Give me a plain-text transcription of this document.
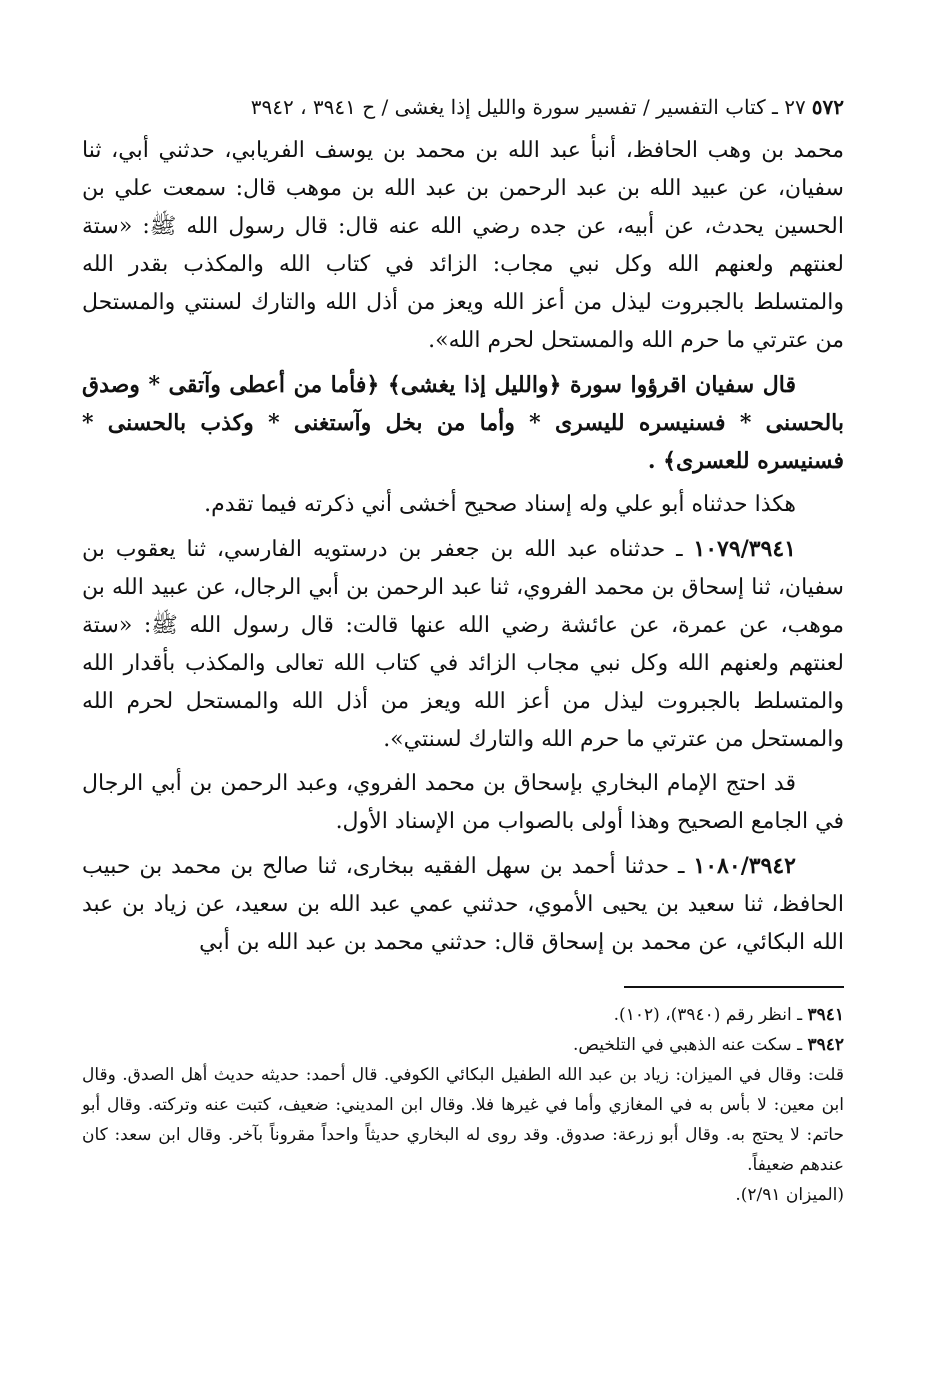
٥٧٢
٢٧ ـ كتاب التفسير / تفسير سورة والليل إذا يغشى / ح ٣٩٤١ ، ٣٩٤٢

محمد بن وهب الحافظ، أنبأ عبد الله بن محمد بن يوسف الفريابي، حدثني أبي، ثنا سفيان، عن عبيد الله بن عبد الرحمن بن عبد الله بن موهب قال: سمعت علي بن الحسين يحدث، عن أبيه، عن جده رضي الله عنه قال: قال رسول الله ﷺ: «ستة لعنتهم ولعنهم الله وكل نبي مجاب: الزائد في كتاب الله والمكذب بقدر الله والمتسلط بالجبروت ليذل من أعز الله ويعز من أذل الله والتارك لسنتي والمستحل من عترتي ما حرم الله والمستحل لحرم الله».

قال سفيان اقرؤوا سورة ﴿والليل إذا يغشى﴾ ﴿فأما من أعطى وآتقى * وصدق بالحسنى * فسنيسره لليسرى * وأما من بخل وآستغنى * وكذب بالحسنى * فسنيسره للعسرى﴾ .

هكذا حدثناه أبو علي وله إسناد صحيح أخشى أني ذكرته فيما تقدم.

١٠٧٩/٣٩٤١ ـ حدثناه عبد الله بن جعفر بن درستويه الفارسي، ثنا يعقوب بن سفيان، ثنا إسحاق بن محمد الفروي، ثنا عبد الرحمن بن أبي الرجال، عن عبيد الله بن موهب، عن عمرة، عن عائشة رضي الله عنها قالت: قال رسول الله ﷺ: «ستة لعنتهم ولعنهم الله وكل نبي مجاب الزائد في كتاب الله تعالى والمكذب بأقدار الله والمتسلط بالجبروت ليذل من أعز الله ويعز من أذل الله والمستحل لحرم الله والمستحل من عترتي ما حرم الله والتارك لسنتي».

قد احتج الإمام البخاري بإسحاق بن محمد الفروي، وعبد الرحمن بن أبي الرجال في الجامع الصحيح وهذا أولى بالصواب من الإسناد الأول.

١٠٨٠/٣٩٤٢ ـ حدثنا أحمد بن سهل الفقيه ببخارى، ثنا صالح بن محمد بن حبيب الحافظ، ثنا سعيد بن يحيى الأموي، حدثني عمي عبد الله بن سعيد، عن زياد بن عبد الله البكائي، عن محمد بن إسحاق قال: حدثني محمد بن عبد الله بن أبي

٣٩٤١ ـ انظر رقم (٣٩٤٠)، (١٠٢).

٣٩٤٢ ـ سكت عنه الذهبي في التلخيص.

قلت: وقال في الميزان: زياد بن عبد الله الطفيل البكائي الكوفي. قال أحمد: حديثه حديث أهل الصدق. وقال ابن معين: لا بأس به في المغازي وأما في غيرها فلا. وقال ابن المديني: ضعيف، كتبت عنه وتركته. وقال أبو حاتم: لا يحتج به. وقال أبو زرعة: صدوق. وقد روى له البخاري حديثاً واحداً مقروناً بآخر. وقال ابن سعد: كان عندهم ضعيفاً.

(الميزان ٢/٩١).
